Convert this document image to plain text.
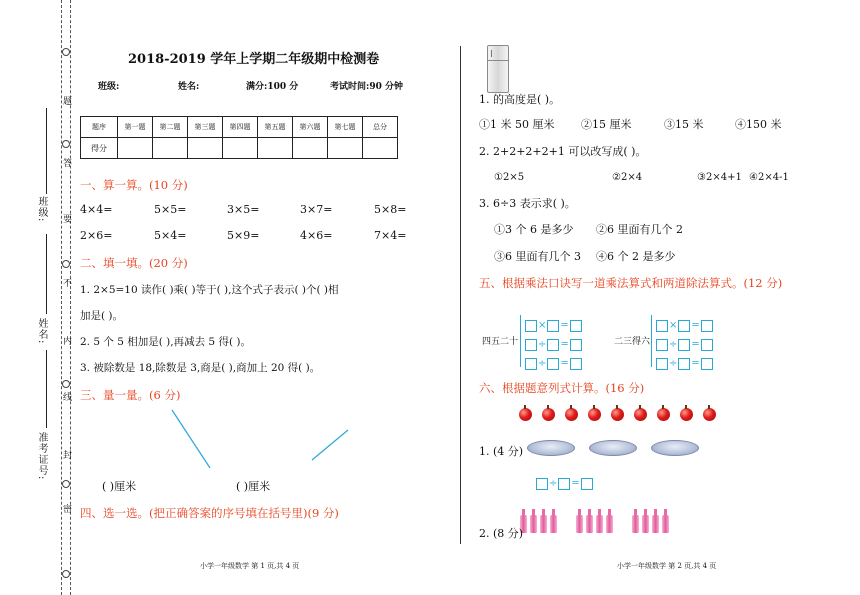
题
答
要
不
内
线
封
密
班级:
姓名:
准考证号:
2018-2019 学年上学期二年级期中检测卷
班级:	姓名:	满分:100 分	考试时间:90 分钟
题序	第一题	第二题	第三题	第四题	第五题	第六题	第七题	总分
得分								
一、算一算。(10 分)
4×4=	5×5=	3×5=	3×7=	5×8=
2×6=	5×4=	5×9=	4×6=	7×4=
二、填一填。(20 分)
1. 2×5=10 读作( )乘( )等于( ),这个式子表示( )个( )相
加是( )。
2. 5 个 5 相加是( ),再减去 5 得( )。
3. 被除数是 18,除数是 3,商是( ),商加上 20 得( )。
三、量一量。(6 分)
( )厘米	( )厘米
四、选一选。(把正确答案的序号填在括号里)(9 分)
小学一年级数学 第 1 页,共 4 页
1. 的高度是( )。
①1 米 50 厘米 ②15 厘米	③15 米	④150 米
2. 2+2+2+2+1 可以改写成( )。
①2×5	②2×4	③2×4+1 ④2×4-1
3. 6÷3 表示求( )。
①3 个 6 是多少 ②6 里面有几个 2
③6 里面有几个 3 ④6 个 2 是多少
五、根据乘法口诀写一道乘法算式和两道除法算式。(12 分)
四五二十
× =
÷ =
÷ =
二三得六
× =
÷ =
÷ =
六、根据题意列式计算。(16 分)
1. (4 分)
÷ =
2. (8 分)
小学一年级数学 第 2 页,共 4 页
